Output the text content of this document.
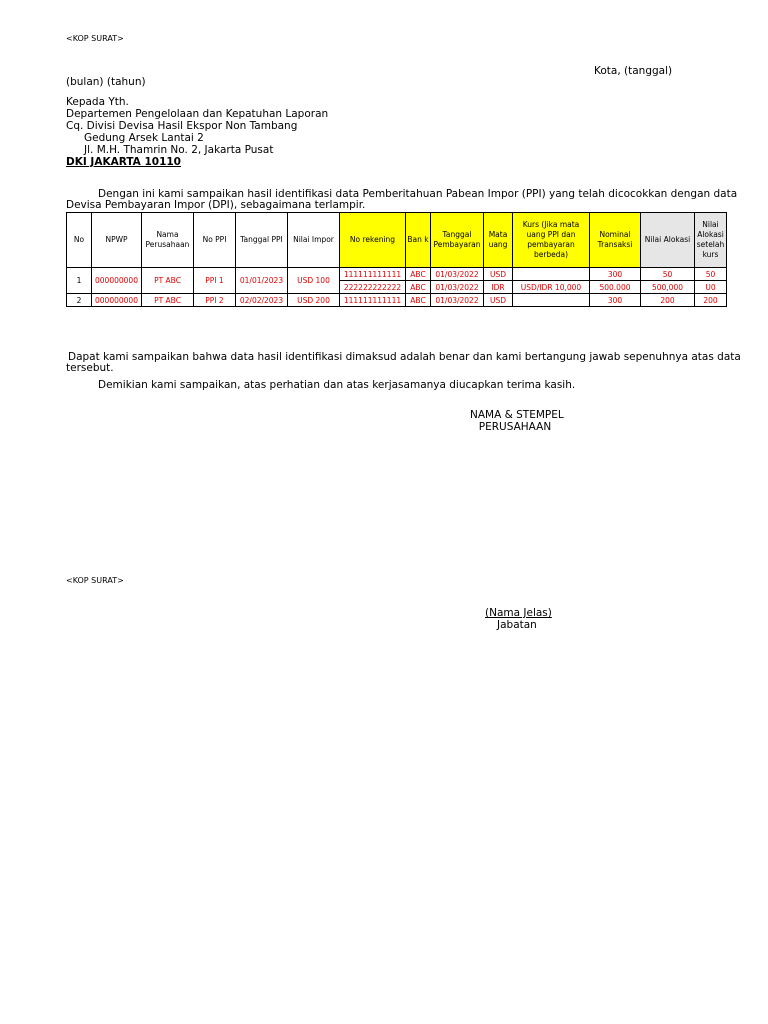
<KOP SURAT>
Kota, (tanggal)
(bulan) (tahun)
Kepada Yth.
Departemen Pengelolaan dan Kepatuhan Laporan
Cq. Divisi Devisa Hasil Ekspor Non Tambang
Gedung Arsek Lantai 2
Jl. M.H. Thamrin No. 2, Jakarta Pusat
DKI JAKARTA 10110
Dengan ini kami sampaikan hasil identifikasi data Pemberitahuan Pabean Impor (PPI) yang telah dicocokkan dengan data
Devisa Pembayaran Impor (DPI), sebagaimana terlampir.
No	NPWP	Nama Perusahaan	No PPI	Tanggal PPI	Nilai Impor	No rekening	Ban k	Tanggal Pembayaran	Mata uang	Kurs (Jika mata uang PPI dan pembayaran berbeda)	Nominal Transaksi	Nilai Alokasi	Nilai Alokasi setelah kurs
1	000000000	PT ABC	PPI 1	01/01/2023	USD 100	111111111111	ABC	01/03/2022	USD		300	50	50
						222222222222	ABC	01/03/2022	IDR	USD/IDR 10,000	500.000	500,000	U0
2	000000000	PT ABC	PPI 2	02/02/2023	USD 200	111111111111	ABC	01/03/2022	USD		300	200	200
Dapat kami sampaikan bahwa data hasil identifikasi dimaksud adalah benar dan kami bertangung jawab sepenuhnya atas data
tersebut.
Demikian kami sampaikan, atas perhatian dan atas kerjasamanya diucapkan terima kasih.
NAMA & STEMPEL
PERUSAHAAN
<KOP SURAT>
(Nama Jelas)
Jabatan
